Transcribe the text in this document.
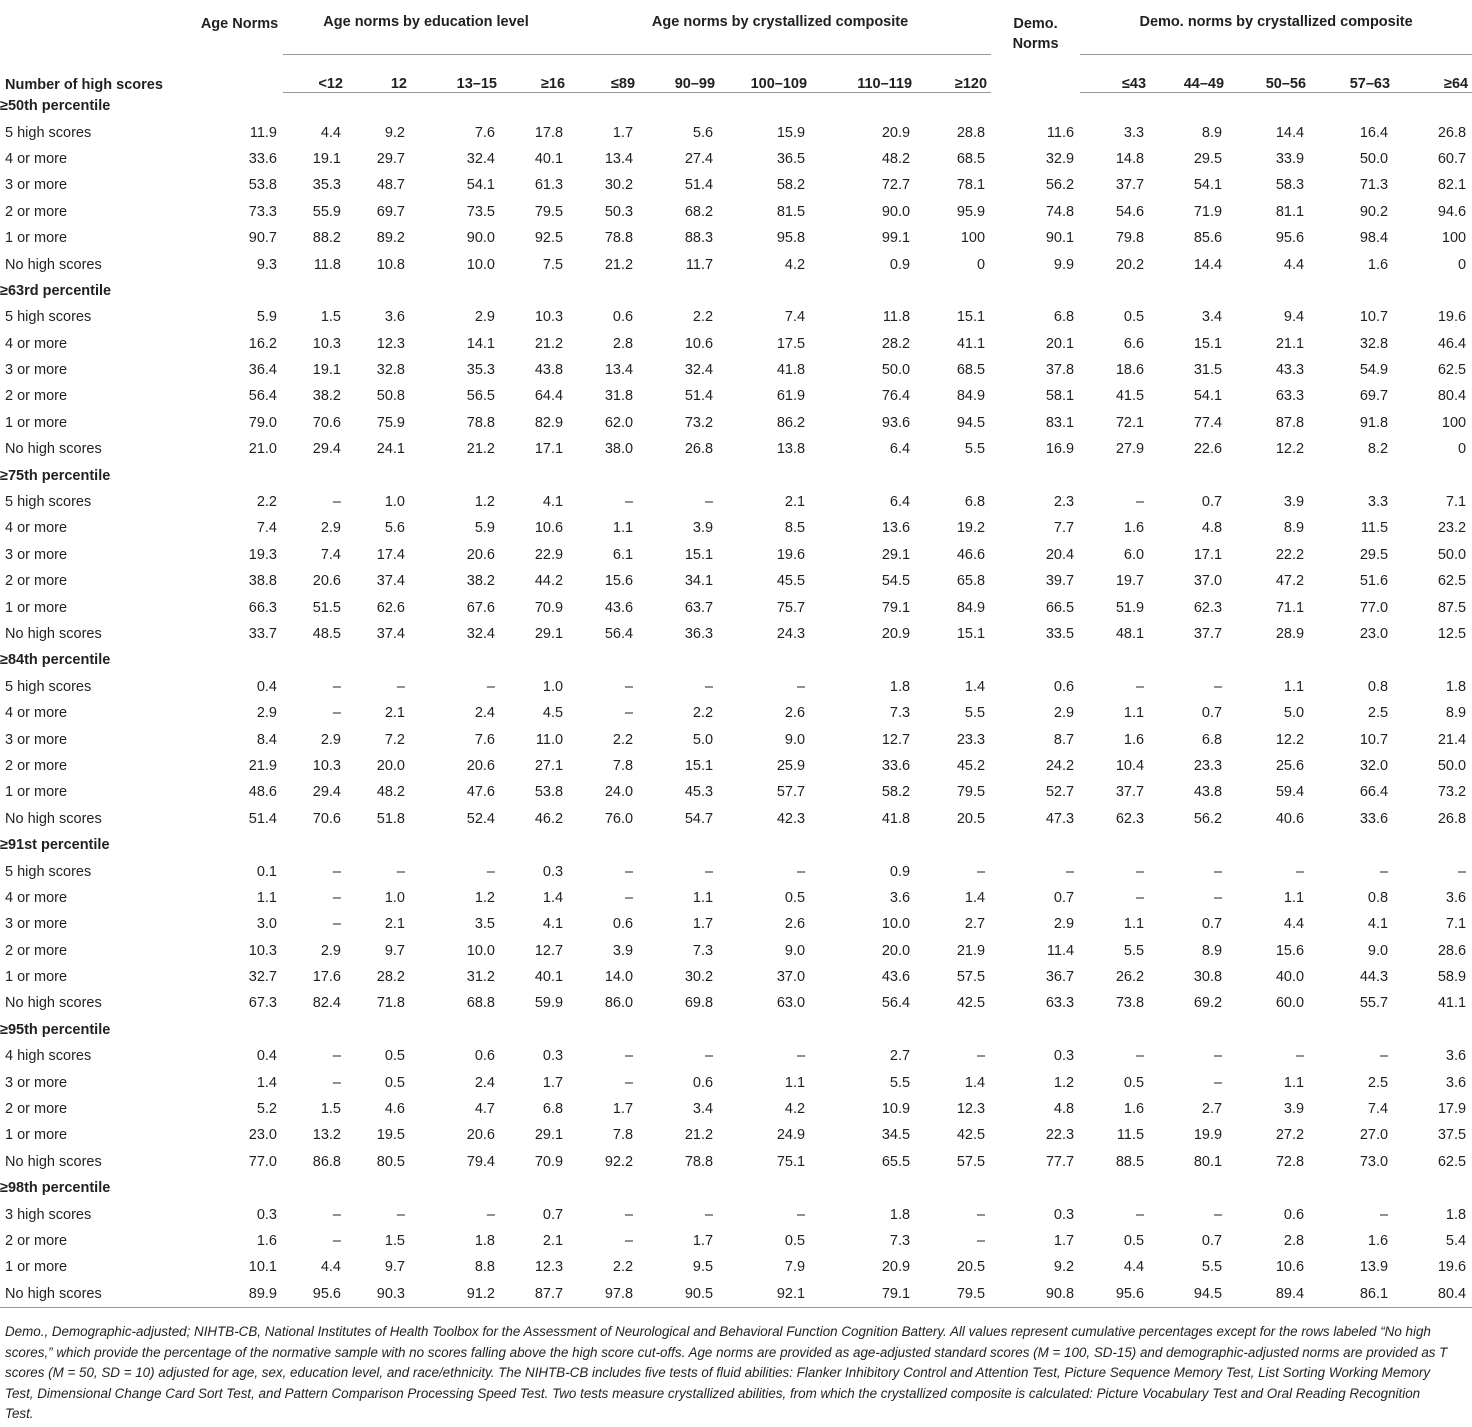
Number of high scores	Age Norms	Age norms by education level				Age norms by crystallized composite					Demo. Norms	Demo. norms by crystallized composite				
		<12	12	13–15	≥16	≤89	90–99	100–109	110–119	≥120		≤43	44–49	50–56	57–63	≥64
≥50th percentile																
5 high scores	11.9	4.4	9.2	7.6	17.8	1.7	5.6	15.9	20.9	28.8	11.6	3.3	8.9	14.4	16.4	26.8
4 or more	33.6	19.1	29.7	32.4	40.1	13.4	27.4	36.5	48.2	68.5	32.9	14.8	29.5	33.9	50.0	60.7
3 or more	53.8	35.3	48.7	54.1	61.3	30.2	51.4	58.2	72.7	78.1	56.2	37.7	54.1	58.3	71.3	82.1
2 or more	73.3	55.9	69.7	73.5	79.5	50.3	68.2	81.5	90.0	95.9	74.8	54.6	71.9	81.1	90.2	94.6
1 or more	90.7	88.2	89.2	90.0	92.5	78.8	88.3	95.8	99.1	100	90.1	79.8	85.6	95.6	98.4	100
No high scores	9.3	11.8	10.8	10.0	7.5	21.2	11.7	4.2	0.9	0	9.9	20.2	14.4	4.4	1.6	0
≥63rd percentile																
5 high scores	5.9	1.5	3.6	2.9	10.3	0.6	2.2	7.4	11.8	15.1	6.8	0.5	3.4	9.4	10.7	19.6
4 or more	16.2	10.3	12.3	14.1	21.2	2.8	10.6	17.5	28.2	41.1	20.1	6.6	15.1	21.1	32.8	46.4
3 or more	36.4	19.1	32.8	35.3	43.8	13.4	32.4	41.8	50.0	68.5	37.8	18.6	31.5	43.3	54.9	62.5
2 or more	56.4	38.2	50.8	56.5	64.4	31.8	51.4	61.9	76.4	84.9	58.1	41.5	54.1	63.3	69.7	80.4
1 or more	79.0	70.6	75.9	78.8	82.9	62.0	73.2	86.2	93.6	94.5	83.1	72.1	77.4	87.8	91.8	100
No high scores	21.0	29.4	24.1	21.2	17.1	38.0	26.8	13.8	6.4	5.5	16.9	27.9	22.6	12.2	8.2	0
≥75th percentile																
5 high scores	2.2	–	1.0	1.2	4.1	–	–	2.1	6.4	6.8	2.3	–	0.7	3.9	3.3	7.1
4 or more	7.4	2.9	5.6	5.9	10.6	1.1	3.9	8.5	13.6	19.2	7.7	1.6	4.8	8.9	11.5	23.2
3 or more	19.3	7.4	17.4	20.6	22.9	6.1	15.1	19.6	29.1	46.6	20.4	6.0	17.1	22.2	29.5	50.0
2 or more	38.8	20.6	37.4	38.2	44.2	15.6	34.1	45.5	54.5	65.8	39.7	19.7	37.0	47.2	51.6	62.5
1 or more	66.3	51.5	62.6	67.6	70.9	43.6	63.7	75.7	79.1	84.9	66.5	51.9	62.3	71.1	77.0	87.5
No high scores	33.7	48.5	37.4	32.4	29.1	56.4	36.3	24.3	20.9	15.1	33.5	48.1	37.7	28.9	23.0	12.5
≥84th percentile																
5 high scores	0.4	–	–	–	1.0	–	–	–	1.8	1.4	0.6	–	–	1.1	0.8	1.8
4 or more	2.9	–	2.1	2.4	4.5	–	2.2	2.6	7.3	5.5	2.9	1.1	0.7	5.0	2.5	8.9
3 or more	8.4	2.9	7.2	7.6	11.0	2.2	5.0	9.0	12.7	23.3	8.7	1.6	6.8	12.2	10.7	21.4
2 or more	21.9	10.3	20.0	20.6	27.1	7.8	15.1	25.9	33.6	45.2	24.2	10.4	23.3	25.6	32.0	50.0
1 or more	48.6	29.4	48.2	47.6	53.8	24.0	45.3	57.7	58.2	79.5	52.7	37.7	43.8	59.4	66.4	73.2
No high scores	51.4	70.6	51.8	52.4	46.2	76.0	54.7	42.3	41.8	20.5	47.3	62.3	56.2	40.6	33.6	26.8
≥91st percentile																
5 high scores	0.1	–	–	–	0.3	–	–	–	0.9	–	–	–	–	–	–	–
4 or more	1.1	–	1.0	1.2	1.4	–	1.1	0.5	3.6	1.4	0.7	–	–	1.1	0.8	3.6
3 or more	3.0	–	2.1	3.5	4.1	0.6	1.7	2.6	10.0	2.7	2.9	1.1	0.7	4.4	4.1	7.1
2 or more	10.3	2.9	9.7	10.0	12.7	3.9	7.3	9.0	20.0	21.9	11.4	5.5	8.9	15.6	9.0	28.6
1 or more	32.7	17.6	28.2	31.2	40.1	14.0	30.2	37.0	43.6	57.5	36.7	26.2	30.8	40.0	44.3	58.9
No high scores	67.3	82.4	71.8	68.8	59.9	86.0	69.8	63.0	56.4	42.5	63.3	73.8	69.2	60.0	55.7	41.1
≥95th percentile																
4 high scores	0.4	–	0.5	0.6	0.3	–	–	–	2.7	–	0.3	–	–	–	–	3.6
3 or more	1.4	–	0.5	2.4	1.7	–	0.6	1.1	5.5	1.4	1.2	0.5	–	1.1	2.5	3.6
2 or more	5.2	1.5	4.6	4.7	6.8	1.7	3.4	4.2	10.9	12.3	4.8	1.6	2.7	3.9	7.4	17.9
1 or more	23.0	13.2	19.5	20.6	29.1	7.8	21.2	24.9	34.5	42.5	22.3	11.5	19.9	27.2	27.0	37.5
No high scores	77.0	86.8	80.5	79.4	70.9	92.2	78.8	75.1	65.5	57.5	77.7	88.5	80.1	72.8	73.0	62.5
≥98th percentile																
3 high scores	0.3	–	–	–	0.7	–	–	–	1.8	–	0.3	–	–	0.6	–	1.8
2 or more	1.6	–	1.5	1.8	2.1	–	1.7	0.5	7.3	–	1.7	0.5	0.7	2.8	1.6	5.4
1 or more	10.1	4.4	9.7	8.8	12.3	2.2	9.5	7.9	20.9	20.5	9.2	4.4	5.5	10.6	13.9	19.6
No high scores	89.9	95.6	90.3	91.2	87.7	97.8	90.5	92.1	79.1	79.5	90.8	95.6	94.5	89.4	86.1	80.4
Demo., Demographic-adjusted; NIHTB-CB, National Institutes of Health Toolbox for the Assessment of Neurological and Behavioral Function Cognition Battery. All values represent cumulative percentages except for the rows labeled “No high scores,” which provide the percentage of the normative sample with no scores falling above the high score cut-offs. Age norms are provided as age-adjusted standard scores (M = 100, SD-15) and demographic-adjusted norms are provided as T scores (M = 50, SD = 10) adjusted for age, sex, education level, and race/ethnicity. The NIHTB-CB includes five tests of fluid abilities: Flanker Inhibitory Control and Attention Test, Picture Sequence Memory Test, List Sorting Working Memory Test, Dimensional Change Card Sort Test, and Pattern Comparison Processing Speed Test. Two tests measure crystallized abilities, from which the crystallized composite is calculated: Picture Vocabulary Test and Oral Reading Recognition Test.
